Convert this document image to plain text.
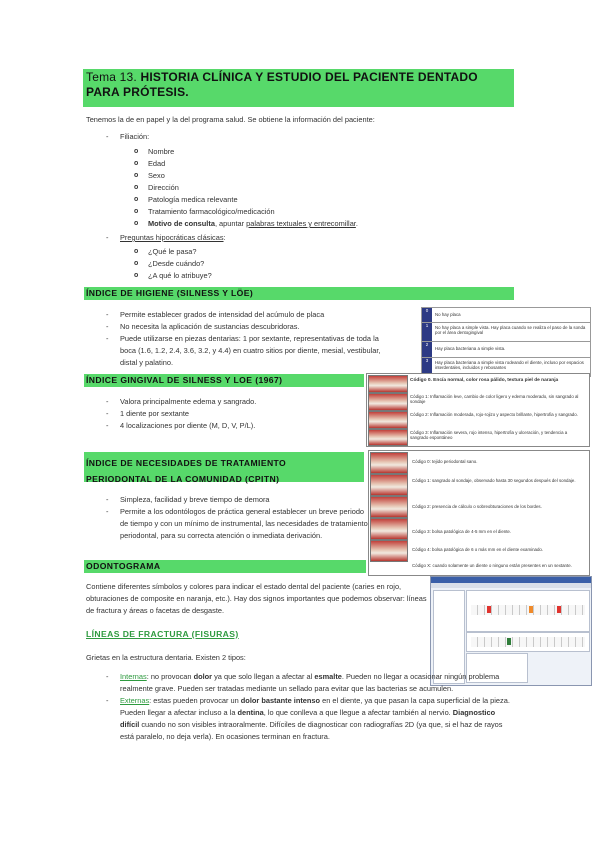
Tema 13. HISTORIA CLÍNICA Y ESTUDIO DEL PACIENTE DENTADO PARA PRÓTESIS.
Tenemos la de en papel y la del programa salud. Se obtiene la información del paciente:
- Filiación:
o Nombre
o Edad
o Sexo
o Dirección
o Patología medica relevante
o Tratamiento farmacológico/medicación
o Motivo de consulta, apuntar palabras textuales y entrecomillar.
- Preguntas hipocráticas clásicas:
o ¿Qué le pasa?
o ¿Desde cuándo?
o ¿A qué lo atribuye?
ÍNDICE DE HIGIENE (SILNESS Y LÖE)
- Permite establecer grados de intensidad del acúmulo de placa
- No necesita la aplicación de sustancias descubridoras.
- Puede utilizarse en piezas dentarias: 1 por sextante, representativas de toda la boca (1.6, 1.2, 2.4, 3.6, 3.2, y 4.4) en cuatro sitios por diente, mesial, vestibular, distal y palatino.
0
No hay placa
1	No hay placa a simple vista. Hay placa cuando se realiza el paso de la sonda por el área dentogingival
2
Hay placa bacteriana a simple vista.
3	Hay placa bacteriana a simple vista rodeando el diente, incluso por espacios interdentales, incluidos y rebosantes
ÍNDICE GINGIVAL DE SILNESS Y LOE (1967)
- Valora principalmente edema y sangrado.
- 1 diente por sextante
- 4 localizaciones por diente (M, D, V, P/L).
Código 0. Encía normal, color rosa pálido, textura piel de naranja
Código 1: Inflamación leve, cambio de color ligero y edema moderado, sin sangrado al sondaje
Código 2: Inflamación moderada, rojo-rojizo y aspecto brillante, hipertrofia y sangrado.
Código 3: Inflamación severa, rojo intenso, hipertrofia y ulceración, y tendencia a sangrado espontáneo
ÍNDICE DE NECESIDADES DE TRATAMIENTO
PERIODONTAL DE LA COMUNIDAD (CPITN)
- Simpleza, facilidad y breve tiempo de demora
- Permite a los odontólogos de práctica general establecer un breve periodo de tiempo y con un mínimo de instrumental, las necesidades de tratamiento periodontal, para su correcta atención o inmediata derivación.
Código 0: tejido periodontal sano.
Código 1: sangrado al sondaje, observado hasta 30 segundos después del sondaje.
Código 2: presencia de cálculo o sobreobturaciones de los bordes.
Código 3: bolsa patológica de 4-5 mm en el diente.
Código 4: bolsa patológica de 6 o más mm en el diente examinado.
Código X: cuando solamente un diente o ninguno están presentes en un sextante.
ODONTOGRAMA
Contiene diferentes símbolos y colores para indicar el estado dental del paciente (caries en rojo, obturaciones de composite en naranja, etc.). Hay dos signos importantes que podemos observar: líneas de fractura y áreas o facetas de desgaste.
LÍNEAS DE FRACTURA (FISURAS)
Grietas en la estructura dentaria. Existen 2 tipos:
- Internas: no provocan dolor ya que solo llegan a afectar al esmalte. Pueden no llegar a ocasionar ningún problema realmente grave. Pueden ser tratadas mediante un sellado para evitar que las bacterias se acumulen.
- Externas: estas pueden provocar un dolor bastante intenso en el diente, ya que pasan la capa superficial de la pieza. Pueden llegar a afectar incluso a la dentina, lo que conlleva a que llegue a afectar también al nervio. Diagnostico difícil cuando no son visibles intraoralmente. Difíciles de diagnosticar con radiografías 2D (ya que, si el haz de rayos está paralelo, no deja verla). En ocasiones terminan en fractura.
